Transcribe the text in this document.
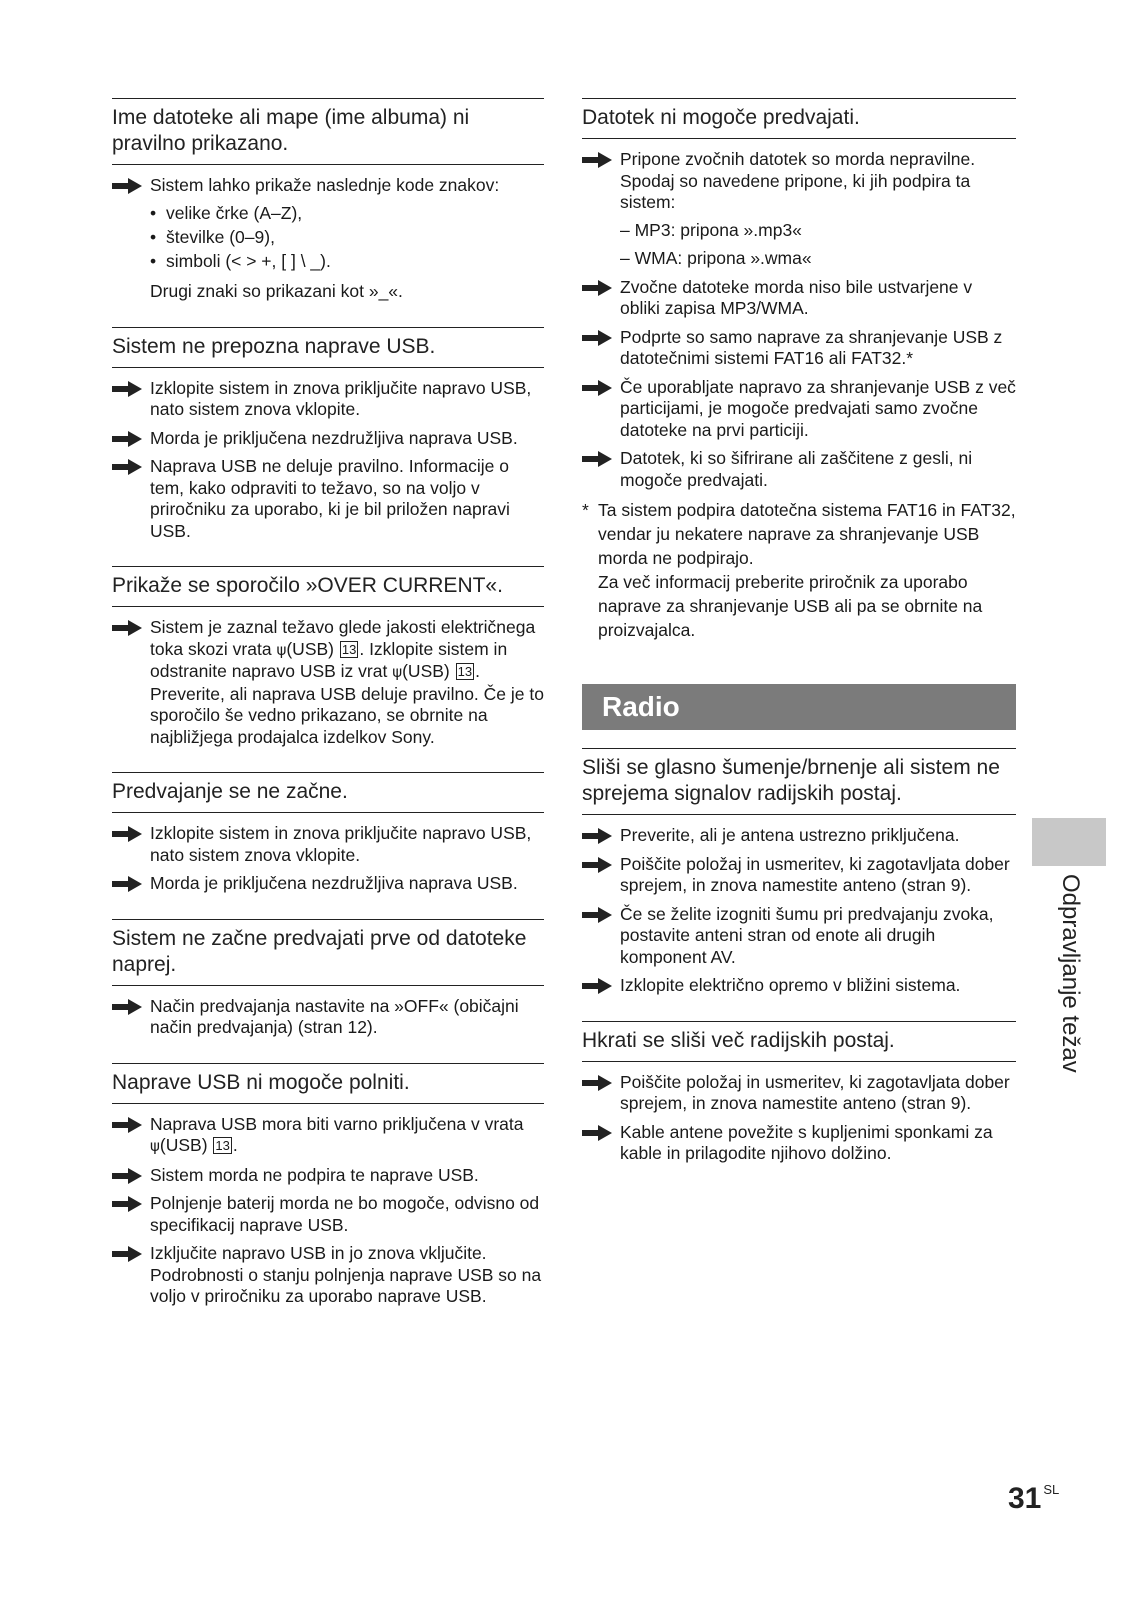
Ime datoteke ali mape (ime albuma) ni pravilno prikazano.
Sistem lahko prikaže naslednje kode znakov:
• velike črke (A–Z),
• številke (0–9),
• simboli (< > +, [ ] \ _).
Drugi znaki so prikazani kot »_«.
Sistem ne prepozna naprave USB.
Izklopite sistem in znova priključite napravo USB, nato sistem znova vklopite.
Morda je priključena nezdružljiva naprava USB.
Naprava USB ne deluje pravilno. Informacije o tem, kako odpraviti to težavo, so na voljo v priročniku za uporabo, ki je bil priložen napravi USB.
Prikaže se sporočilo »OVER CURRENT«.
Sistem je zaznal težavo glede jakosti električnega toka skozi vrata ψ(USB) 13 . Izklopite sistem in odstranite napravo USB iz vrat ψ(USB) 13 . Preverite, ali naprava USB deluje pravilno. Če je to sporočilo še vedno prikazano, se obrnite na najbližjega prodajalca izdelkov Sony.
Predvajanje se ne začne.
Izklopite sistem in znova priključite napravo USB, nato sistem znova vklopite.
Morda je priključena nezdružljiva naprava USB.
Sistem ne začne predvajati prve od datoteke naprej.
Način predvajanja nastavite na »OFF« (običajni način predvajanja) (stran 12).
Naprave USB ni mogoče polniti.
Naprava USB mora biti varno priključena v vrata ψ(USB) 13 .
Sistem morda ne podpira te naprave USB.
Polnjenje baterij morda ne bo mogoče, odvisno od specifikacij naprave USB.
Izključite napravo USB in jo znova vključite. Podrobnosti o stanju polnjenja naprave USB so na voljo v priročniku za uporabo naprave USB.
Datotek ni mogoče predvajati.
Pripone zvočnih datotek so morda nepravilne. Spodaj so navedene pripone, ki jih podpira ta sistem:
– MP3: pripona ».mp3«
– WMA: pripona ».wma«
Zvočne datoteke morda niso bile ustvarjene v obliki zapisa MP3/WMA.
Podprte so samo naprave za shranjevanje USB z datotečnimi sistemi FAT16 ali FAT32.*
Če uporabljate napravo za shranjevanje USB z več particijami, je mogoče predvajati samo zvočne datoteke na prvi particiji.
Datotek, ki so šifrirane ali zaščitene z gesli, ni mogoče predvajati.
* Ta sistem podpira datotečna sistema FAT16 in FAT32, vendar ju nekatere naprave za shranjevanje USB morda ne podpirajo.
Za več informacij preberite priročnik za uporabo naprave za shranjevanje USB ali pa se obrnite na proizvajalca.
Radio
Sliši se glasno šumenje/brnenje ali sistem ne sprejema signalov radijskih postaj.
Preverite, ali je antena ustrezno priključena.
Poiščite položaj in usmeritev, ki zagotavljata dober sprejem, in znova namestite anteno (stran 9).
Če se želite izogniti šumu pri predvajanju zvoka, postavite anteni stran od enote ali drugih komponent AV.
Izklopite električno opremo v bližini sistema.
Hkrati se sliši več radijskih postaj.
Poiščite položaj in usmeritev, ki zagotavljata dober sprejem, in znova namestite anteno (stran 9).
Kable antene povežite s kupljenimi sponkami za kable in prilagodite njihovo dolžino.
Odpravljanje težav
31 $^{SL}$
